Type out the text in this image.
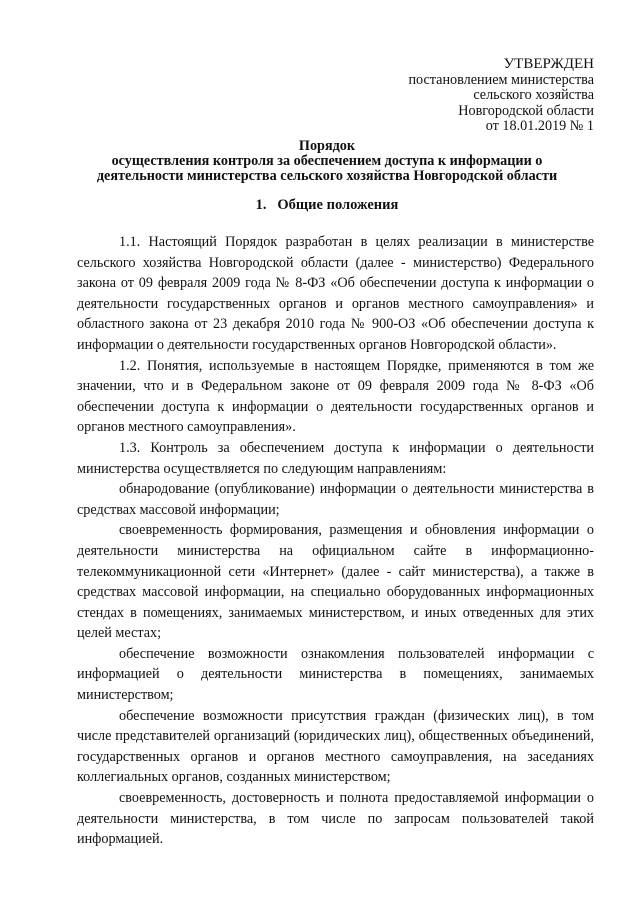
УТВЕРЖДЕН
постановлением министерства
сельского хозяйства
Новгородской области
от 18.01.2019 № 1
Порядок
осуществления контроля за обеспечением доступа к информации о
деятельности министерства сельского хозяйства Новгородской области
1. Общие положения

1.1. Настоящий Порядок разработан в целях реализации в министерстве сельского хозяйства Новгородской области (далее - министерство) Федерального закона от 09 февраля 2009 года № 8-ФЗ «Об обеспечении доступа к информации о деятельности государственных органов и органов местного самоуправления» и областного закона от 23 декабря 2010 года № 900-ОЗ «Об обеспечении доступа к информации о деятельности государственных органов Новгородской области».

1.2. Понятия, используемые в настоящем Порядке, применяются в том же значении, что и в Федеральном законе от 09 февраля 2009 года № 8-ФЗ «Об обеспечении доступа к информации о деятельности государственных органов и органов местного самоуправления».

1.3. Контроль за обеспечением доступа к информации о деятельности министерства осуществляется по следующим направлениям:

обнародование (опубликование) информации о деятельности министерства в средствах массовой информации;

своевременность формирования, размещения и обновления информации о деятельности министерства на официальном сайте в информационно-телекоммуникационной сети «Интернет» (далее - сайт министерства), а также в средствах массовой информации, на специально оборудованных информационных стендах в помещениях, занимаемых министерством, и иных отведенных для этих целей местах;

обеспечение возможности ознакомления пользователей информации с информацией о деятельности министерства в помещениях, занимаемых министерством;

обеспечение возможности присутствия граждан (физических лиц), в том числе представителей организаций (юридических лиц), общественных объединений, государственных органов и органов местного самоуправления, на заседаниях коллегиальных органов, созданных министерством;

своевременность, достоверность и полнота предоставляемой информации о деятельности министерства, в том числе по запросам пользователей такой информацией.
